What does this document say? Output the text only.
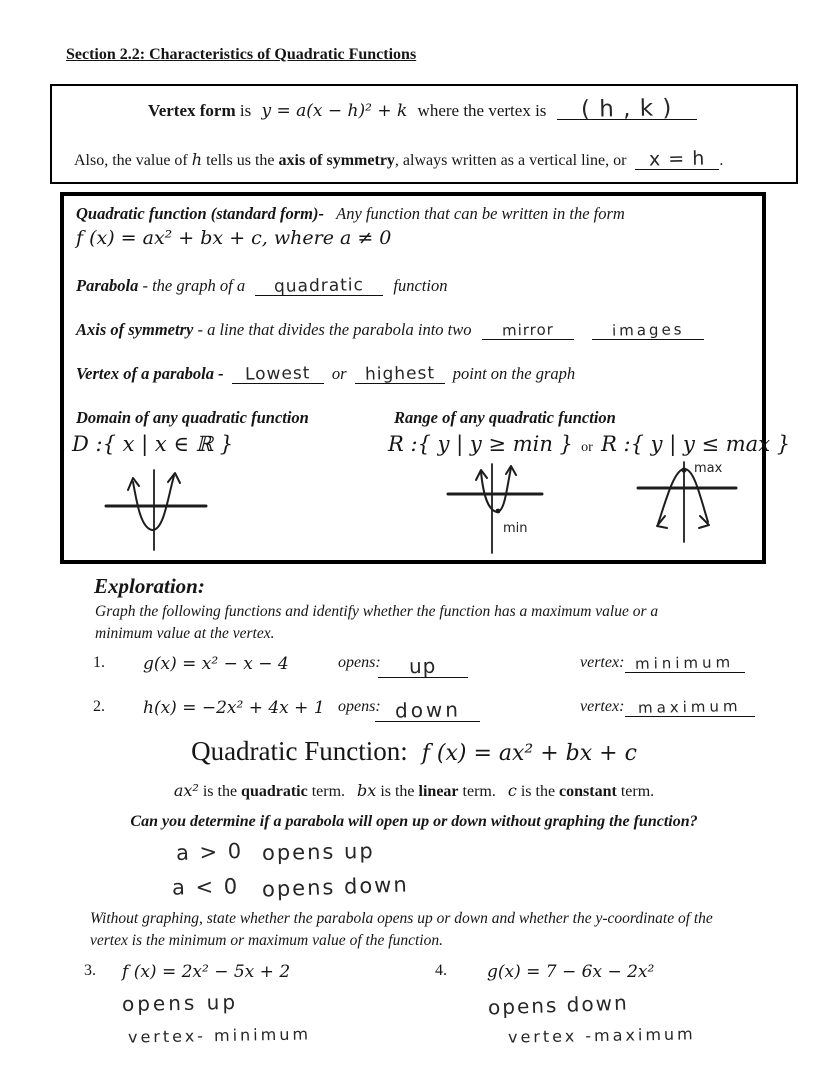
Section 2.2: Characteristics of Quadratic Functions
Vertex form is y = a(x − h)² + k where the vertex is ( h , k )
Also, the value of h tells us the axis of symmetry, always written as a vertical line, or x = h .
Quadratic function (standard form)- Any function that can be written in the form
f (x) = ax² + bx + c, where a ≠ 0
Parabola - the graph of a quadratic function
Axis of symmetry - a line that divides the parabola into two mirror	images
Vertex of a parabola - Lowest or highest point on the graph
Domain of any quadratic function	Range of any quadratic function
D :{ x | x ∈ ℝ }	R :{ y | y ≥ min } or R :{ y | y ≤ max }
min
max
Exploration:
Graph the following functions and identify whether the function has a maximum value or a minimum value at the vertex.
1. g(x) = x² − x − 4	opens:	up	vertex: minimum
2. h(x) = −2x² + 4x + 1 opens: down	vertex: maximum
Quadratic Function: f (x) = ax² + bx + c
ax² is the quadratic term. bx is the linear term. c is the constant term.
Can you determine if a parabola will open up or down without graphing the function?
a > 0 opens up
a < 0 opens down
Without graphing, state whether the parabola opens up or down and whether the y-coordinate of the vertex is the minimum or maximum value of the function.
3. f (x) = 2x² − 5x + 2
opens up
vertex- minimum
4. g(x) = 7 − 6x − 2x²
opens down
vertex -maximum
